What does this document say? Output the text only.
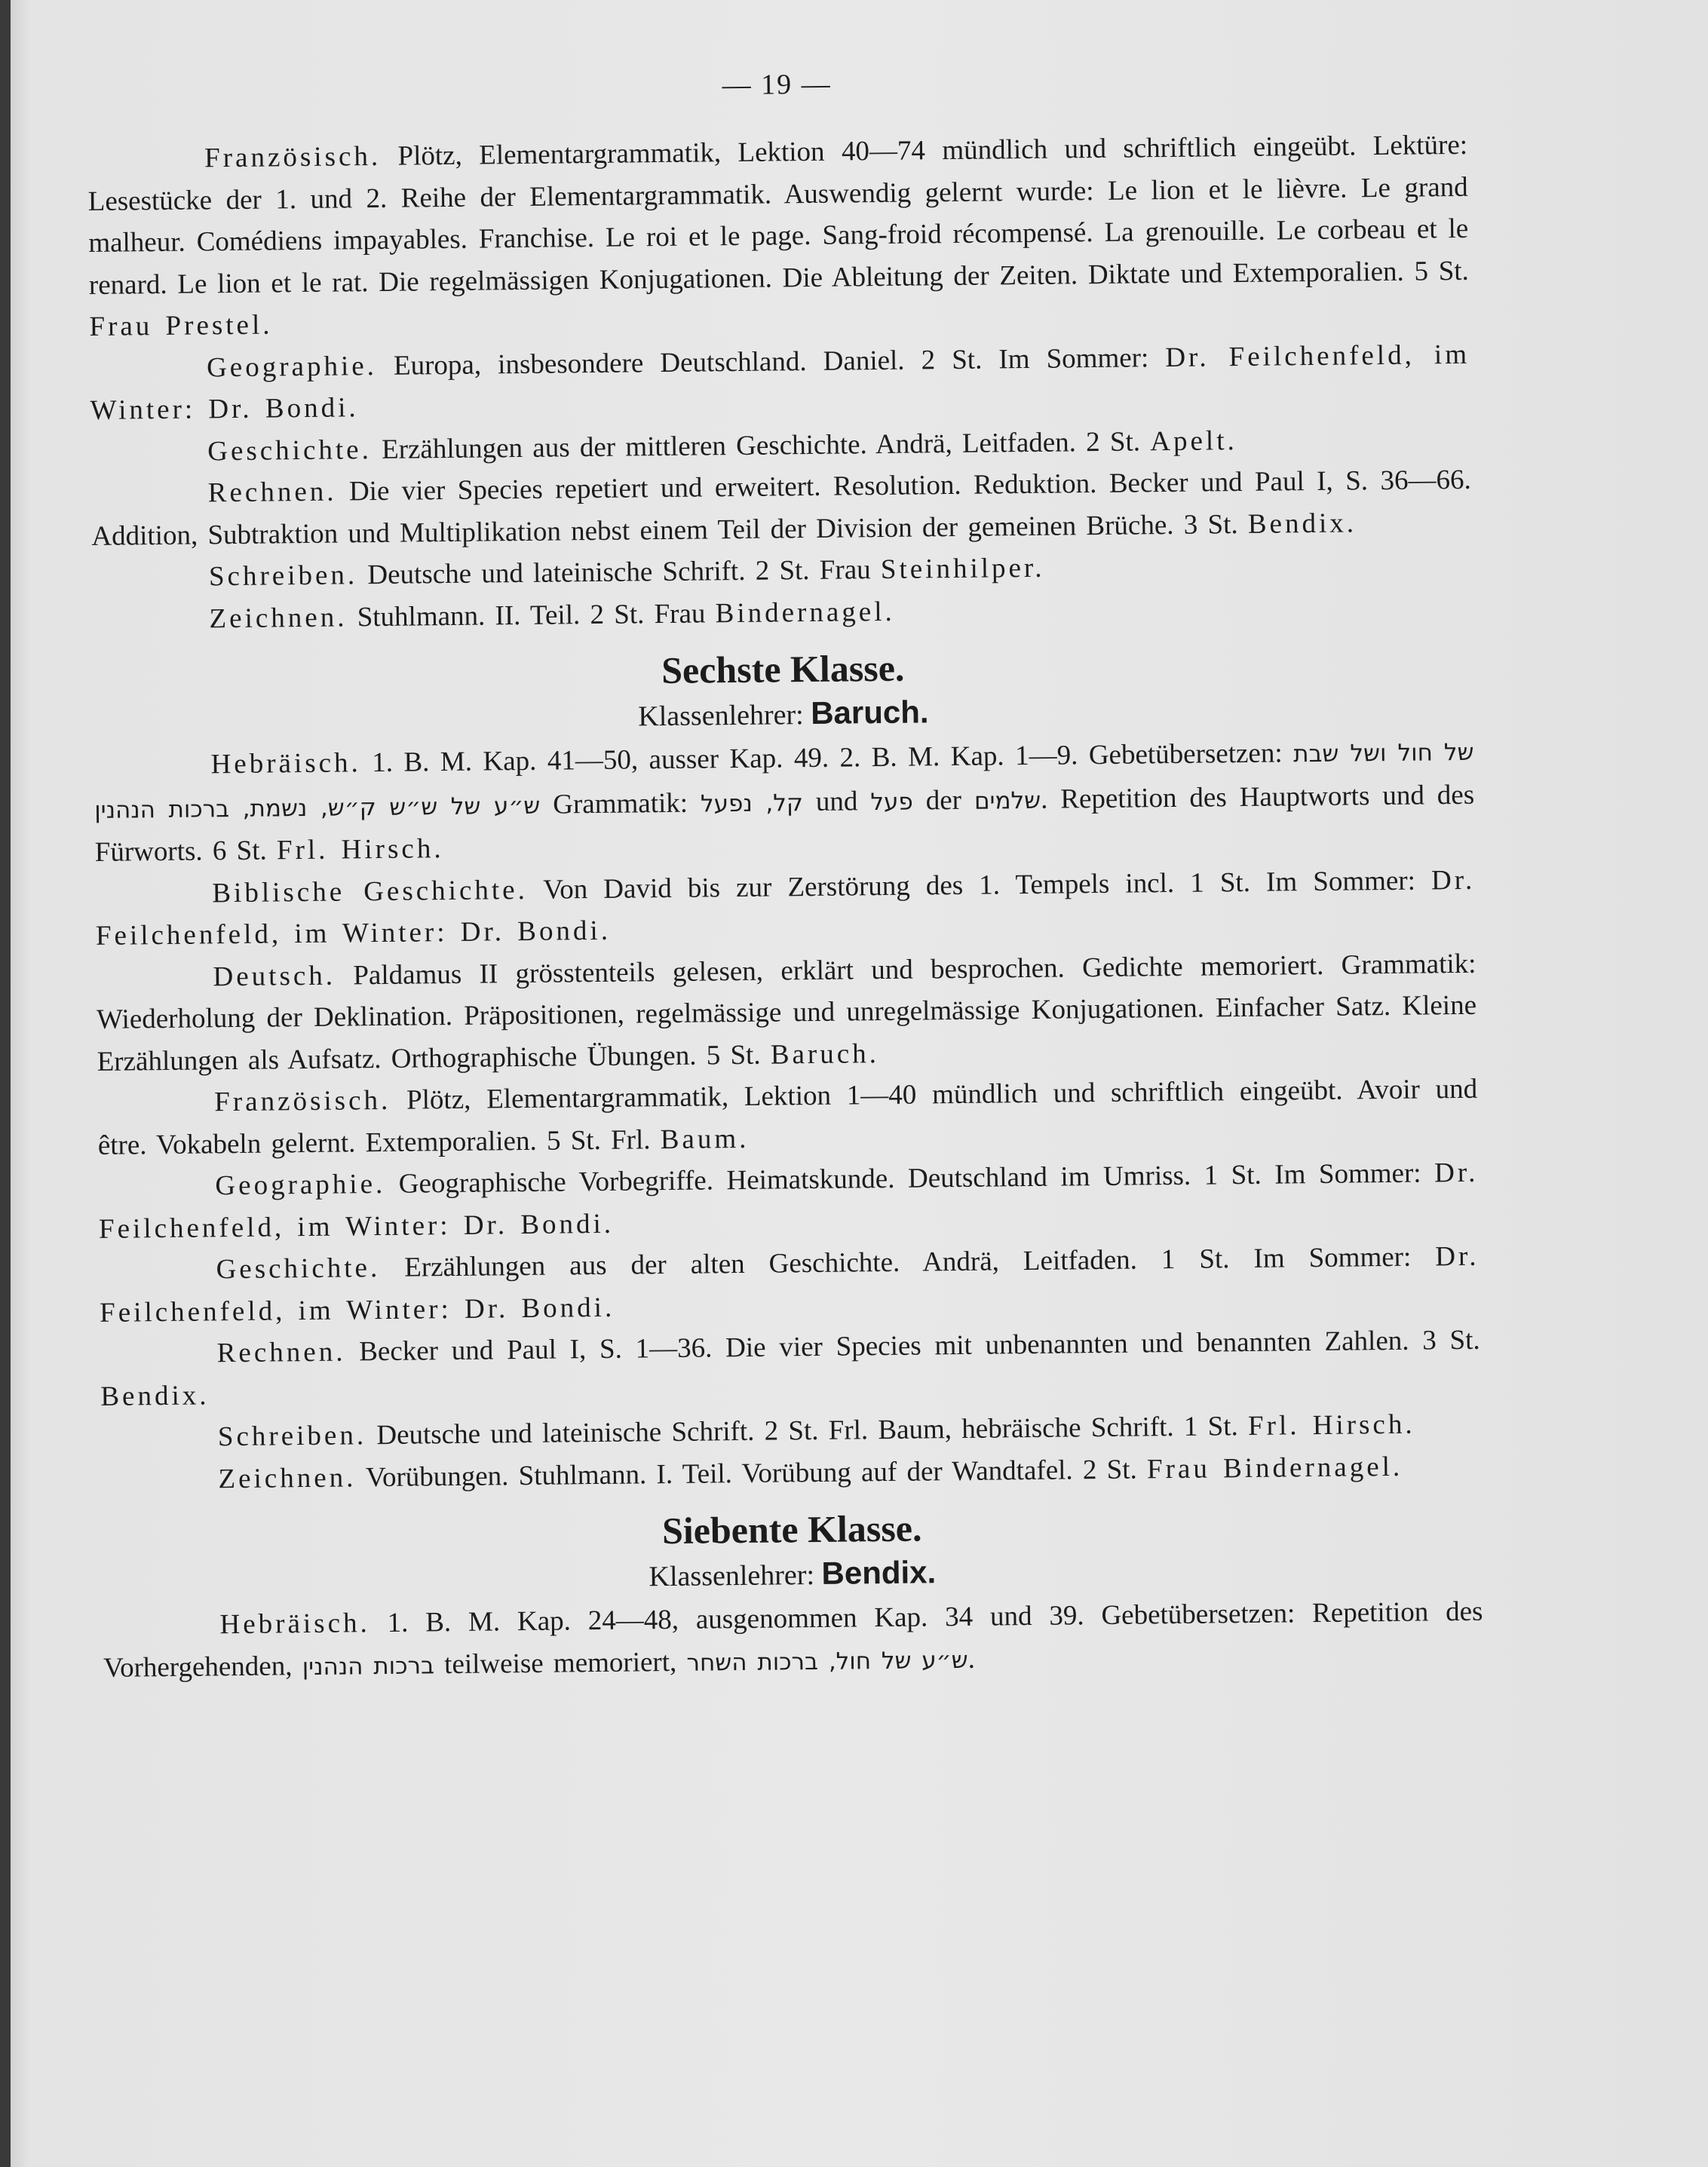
— 19 —

Französisch. Plötz, Elementargrammatik, Lektion 40—74 mündlich und schriftlich eingeübt. Lektüre: Lesestücke der 1. und 2. Reihe der Elementargrammatik. Auswendig gelernt wurde: Le lion et le lièvre. Le grand malheur. Comédiens impayables. Franchise. Le roi et le page. Sang-froid récompensé. La grenouille. Le corbeau et le renard. Le lion et le rat. Die regelmässigen Konjugationen. Die Ableitung der Zeiten. Diktate und Extemporalien. 5 St. Frau Prestel.

Geographie. Europa, insbesondere Deutschland. Daniel. 2 St. Im Sommer: Dr. Feilchenfeld, im Winter: Dr. Bondi.

Geschichte. Erzählungen aus der mittleren Geschichte. Andrä, Leitfaden. 2 St. Apelt.

Rechnen. Die vier Species repetiert und erweitert. Resolution. Reduktion. Becker und Paul I, S. 36—66. Addition, Subtraktion und Multiplikation nebst einem Teil der Division der gemeinen Brüche. 3 St. Bendix.

Schreiben. Deutsche und lateinische Schrift. 2 St. Frau Steinhilper.

Zeichnen. Stuhlmann. II. Teil. 2 St. Frau Bindernagel.

Sechste Klasse.
Klassenlehrer: Baruch.

Hebräisch. 1. B. M. Kap. 41—50, ausser Kap. 49. 2. B. M. Kap. 1—9. Gebetübersetzen: של חול ושל שבת ש״ע של ש״ש ק״ש, נשמת, ברכות הנהנין Grammatik: קל, נפעל und פעל der שלמים. Repetition des Hauptworts und des Fürworts. 6 St. Frl. Hirsch.

Biblische Geschichte. Von David bis zur Zerstörung des 1. Tempels incl. 1 St. Im Sommer: Dr. Feilchenfeld, im Winter: Dr. Bondi.

Deutsch. Paldamus II grösstenteils gelesen, erklärt und besprochen. Gedichte memoriert. Grammatik: Wiederholung der Deklination. Präpositionen, regelmässige und unregelmässige Konjugationen. Einfacher Satz. Kleine Erzählungen als Aufsatz. Orthographische Übungen. 5 St. Baruch.

Französisch. Plötz, Elementargrammatik, Lektion 1—40 mündlich und schriftlich eingeübt. Avoir und être. Vokabeln gelernt. Extemporalien. 5 St. Frl. Baum.

Geographie. Geographische Vorbegriffe. Heimatskunde. Deutschland im Umriss. 1 St. Im Sommer: Dr. Feilchenfeld, im Winter: Dr. Bondi.

Geschichte. Erzählungen aus der alten Geschichte. Andrä, Leitfaden. 1 St. Im Sommer: Dr. Feilchenfeld, im Winter: Dr. Bondi.

Rechnen. Becker und Paul I, S. 1—36. Die vier Species mit unbenannten und benannten Zahlen. 3 St. Bendix.

Schreiben. Deutsche und lateinische Schrift. 2 St. Frl. Baum, hebräische Schrift. 1 St. Frl. Hirsch.

Zeichnen. Vorübungen. Stuhlmann. I. Teil. Vorübung auf der Wandtafel. 2 St. Frau Bindernagel.

Siebente Klasse.
Klassenlehrer: Bendix.

Hebräisch. 1. B. M. Kap. 24—48, ausgenommen Kap. 34 und 39. Gebetübersetzen: Repetition des Vorhergehenden, ברכות הנהנין teilweise memoriert, ש״ע של חול, ברכות השחר.
